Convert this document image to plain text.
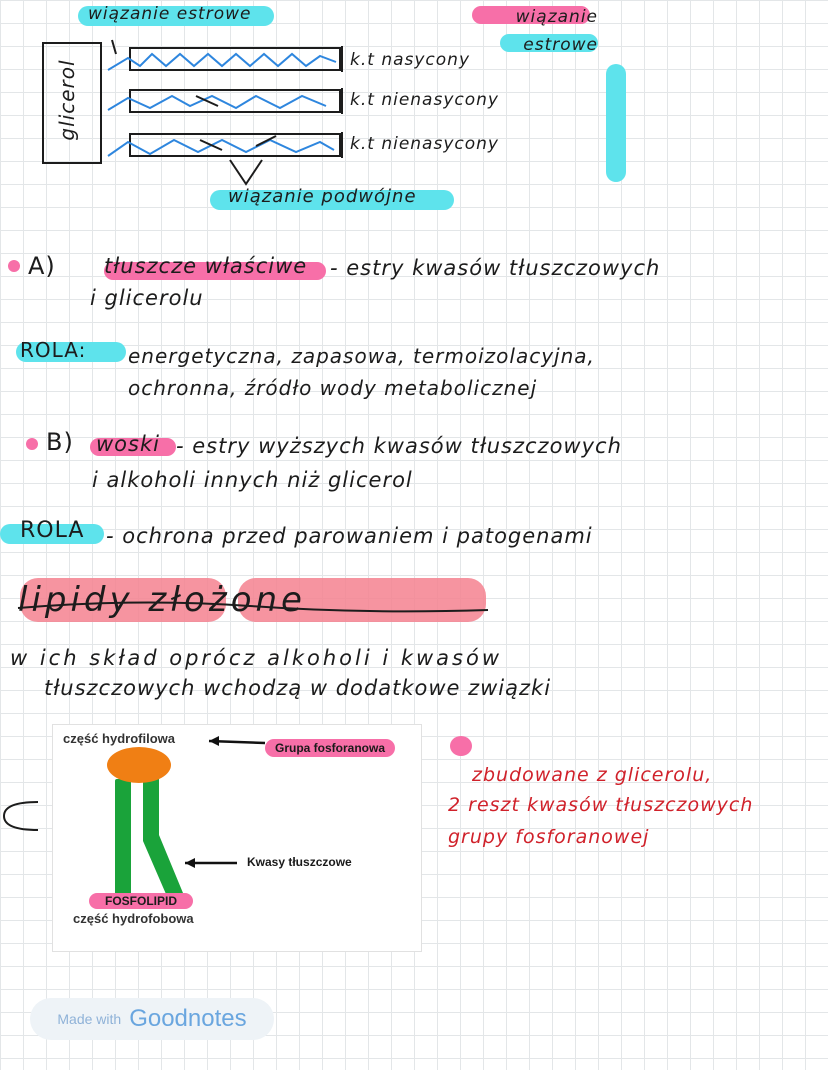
wiązanie estrowe	wiązanie estrowe
glicerol	k.t nasycony
k.t nienasycony
k.t nienasycony
wiązanie podwójne
A) tłuszcze właściwe - estry kwasów tłuszczowych
i glicerolu
ROLA: energetyczna, zapasowa, termoizolacyjna,
ochronna, źródło wody metabolicznej
B) woski - estry wyższych kwasów tłuszczowych
i alkoholi innych niż glicerol
ROLA - ochrona przed parowaniem i patogenami
lipidy złożone
w ich skład oprócz alkoholi i kwasów
tłuszczowych wchodzą w dodatkowe związki
część hydrofilowa
Grupa fosforanowa
Kwasy tłuszczowe
FOSFOLIPID
część hydrofobowa
zbudowane z glicerolu,
2 reszt kwasów tłuszczowych
grupy fosforanowej
Made with Goodnotes
